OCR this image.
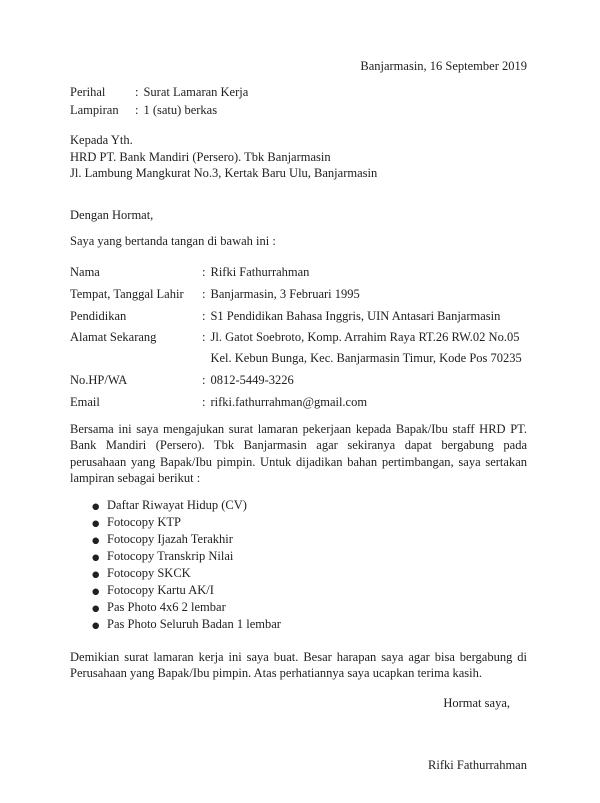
Banjarmasin, 16 September 2019
Perihal	: Surat Lamaran Kerja
Lampiran	: 1 (satu) berkas
Kepada Yth.
HRD PT. Bank Mandiri (Persero). Tbk Banjarmasin
Jl. Lambung Mangkurat No.3, Kertak Baru Ulu, Banjarmasin
Dengan Hormat,
Saya yang bertanda tangan di bawah ini :
Nama	: Rifki Fathurrahman
Tempat, Tanggal Lahir	: Banjarmasin, 3 Februari 1995
Pendidikan	: S1 Pendidikan Bahasa Inggris, UIN Antasari Banjarmasin
Alamat Sekarang	: Jl. Gatot Soebroto, Komp. Arrahim Raya RT.26 RW.02 No.05
Kel. Kebun Bunga, Kec. Banjarmasin Timur, Kode Pos 70235
No.HP/WA	: 0812-5449-3226
Email	: rifki.fathurrahman@gmail.com

Bersama ini saya mengajukan surat lamaran pekerjaan kepada Bapak/Ibu staff HRD PT. Bank Mandiri (Persero). Tbk Banjarmasin agar sekiranya dapat bergabung pada perusahaan yang Bapak/Ibu pimpin. Untuk dijadikan bahan pertimbangan, saya sertakan lampiran sebagai berikut :

● Daftar Riwayat Hidup (CV)
● Fotocopy KTP
● Fotocopy Ijazah Terakhir
● Fotocopy Transkrip Nilai
● Fotocopy SKCK
● Fotocopy Kartu AK/I
● Pas Photo 4x6 2 lembar
● Pas Photo Seluruh Badan 1 lembar

Demikian surat lamaran kerja ini saya buat. Besar harapan saya agar bisa bergabung di Perusahaan yang Bapak/Ibu pimpin. Atas perhatiannya saya ucapkan terima kasih.

Hormat saya,
Rifki Fathurrahman
